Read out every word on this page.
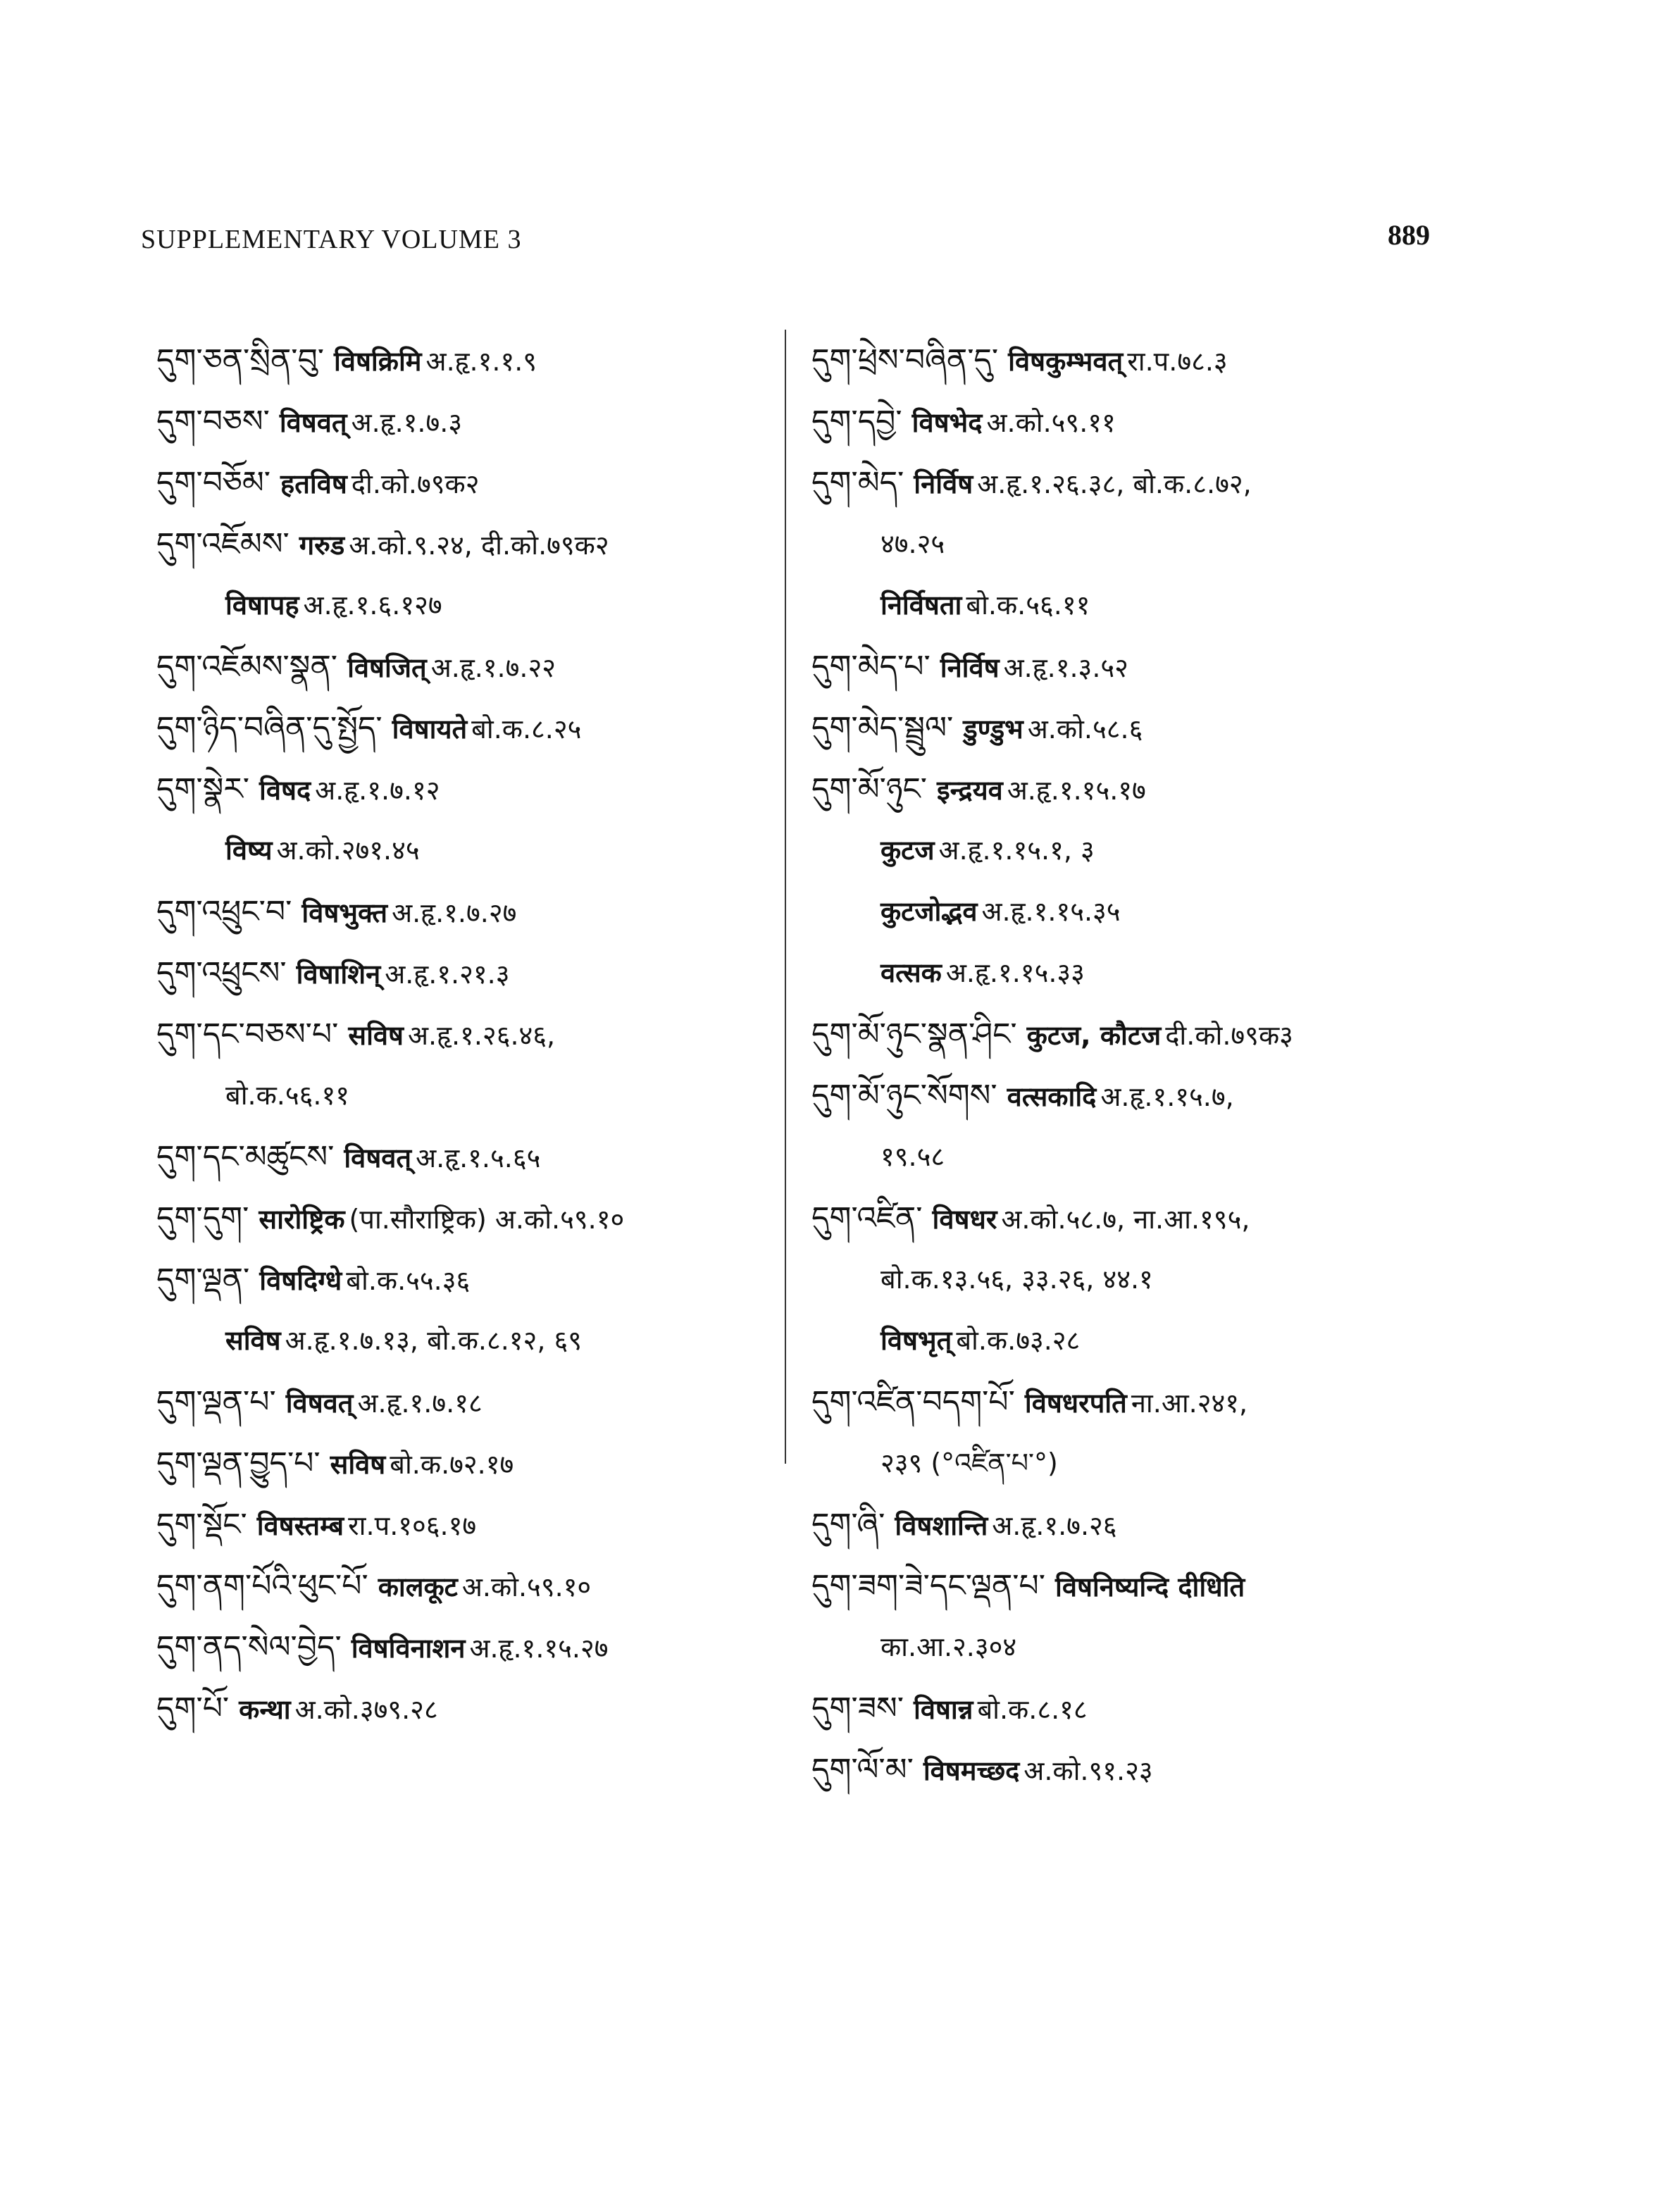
SUPPLEMENTARY VOLUME 3	889
དུག་ཅན་སྲིན་བུ་ विषक्रिमि अ.हृ.१.१.९
དུག་བཅས་ विषवत् अ.हृ.१.७.३
དུག་བཅོམ་ हतविष दी.को.७९क२
དུག་འཇོམས་ गरुड अ.को.९.२४, दी.को.७९क२
विषापह अ.हृ.१.६.१२७
དུག་འཇོམས་སྣན་ विषजित् अ.हृ.१.७.२२
དུག་ཉིད་བཞིན་དུ་སྤྱོད་ विषायते बो.क.८.२५
དུག་སྣེར་ विषद अ.हृ.१.७.१२
विष्य अ.को.२७१.४५
དུག་འཕྲུང་བ་ विषभुक्त अ.हृ.१.७.२७
དུག་འཕྲུངས་ विषाशिन् अ.हृ.१.२१.३
དུག་དང་བཅས་པ་ सविष अ.हृ.१.२६.४६,
बो.क.५६.११
དུག་དང་མཚུངས་ विषवत् अ.हृ.१.५.६५
དུག་དུག་ सारोष्ट्रिक (पा.सौराष्ट्रिक) अ.को.५९.१०
དུག་ལྡན་ विषदिग्धे बो.क.५५.३६
सविष अ.हृ.१.७.१३, बो.क.८.१२, ६९
དུག་ལྡན་པ་ विषवत् अ.हृ.१.७.१८
དུག་ལྡན་བྱུད་པ་ सविष बो.क.७२.१७
དུག་སྡོང་ विषस्तम्ब रा.प.१०६.१७
དུག་ནག་པོའི་ཕུང་པོ་ कालकूट अ.को.५९.१०
དུག་ནད་སེལ་བྱེད་ विषविनाशन अ.हृ.१.१५.२७
དུག་པོ་ कन्था अ.को.३७९.२८
དུག་ཕྲེས་བཞིན་དུ་ विषकुम्भवत् रा.प.७८.३
དུག་དབྱེ་ विषभेद अ.को.५९.११
དུག་མེད་ निर्विष अ.हृ.१.२६.३८, बो.क.८.७२,
४७.२५
निर्विषता बो.क.५६.११
དུག་མེད་པ་ निर्विष अ.हृ.१.३.५२
དུག་མེད་སྦྲུལ་ डुण्डुभ अ.को.५८.६
དུག་མོ་ཉུང་ इन्द्रयव अ.हृ.१.१५.१७
कुटज अ.हृ.१.१५.१, ३
कुटजोद्भव अ.हृ.१.१५.३५
वत्सक अ.हृ.१.१५.३३
དུག་མོ་ཉུང་སྣན་ཤིང་ कुटज, कौटज दी.को.७९क३
དུག་མོ་ཉུང་སོགས་ वत्सकादि अ.हृ.१.१५.७,
१९.५८
དུག་འཛིན་ विषधर अ.को.५८.७, ना.आ.१९५,
बो.क.१३.५६, ३३.२६, ४४.१
विषभृत् बो.क.७३.२८
དུག་འཛིན་བདག་པོ་ विषधरपति ना.आ.२४१,
२३९ (°འཛིན་པ་°)
དུག་ཞི་ विषशान्ति अ.हृ.१.७.२६
དུག་ཟག་ཟེ་དང་ལྡན་པ་ विषनिष्यन्दि दीधिति
का.आ.२.३०४
དུག་ཟས་ विषान्न बो.क.८.१८
དུག་ལོ་མ་ विषमच्छद अ.को.९१.२३
